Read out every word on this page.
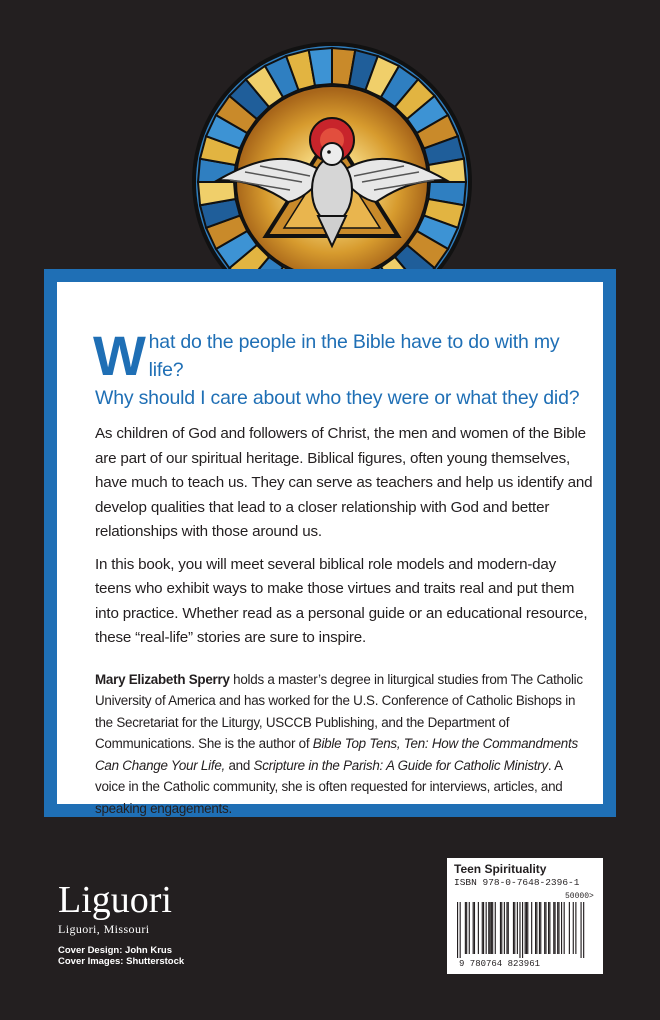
What do the people in the Bible have to do with my life?
Why should I care about who they were or what they did?

As children of God and followers of Christ, the men and women of the Bible are part of our spiritual heritage. Biblical figures, often young themselves, have much to teach us. They can serve as teachers and help us identify and develop qualities that lead to a closer relationship with God and better relationships with those around us.

In this book, you will meet several biblical role models and modern-day teens who exhibit ways to make those virtues and traits real and put them into practice. Whether read as a personal guide or an educational resource, these “real-life” stories are sure to inspire.

Mary Elizabeth Sperry holds a master’s degree in liturgical studies from The Catholic University of America and has worked for the U.S. Conference of Catholic Bishops in the Secretariat for the Liturgy, USCCB Publishing, and the Department of Communications. She is the author of Bible Top Tens, Ten: How the Commandments Can Change Your Life, and Scripture in the Parish: A Guide for Catholic Ministry. A voice in the Catholic community, she is often requested for interviews, articles, and speaking engagements.

Liguori
Liguori, Missouri
Cover Design: John Krus
Cover Images: Shutterstock
Teen Spirituality
ISBN 978-0-7648-2396-1
50000>
9 780764 823961
